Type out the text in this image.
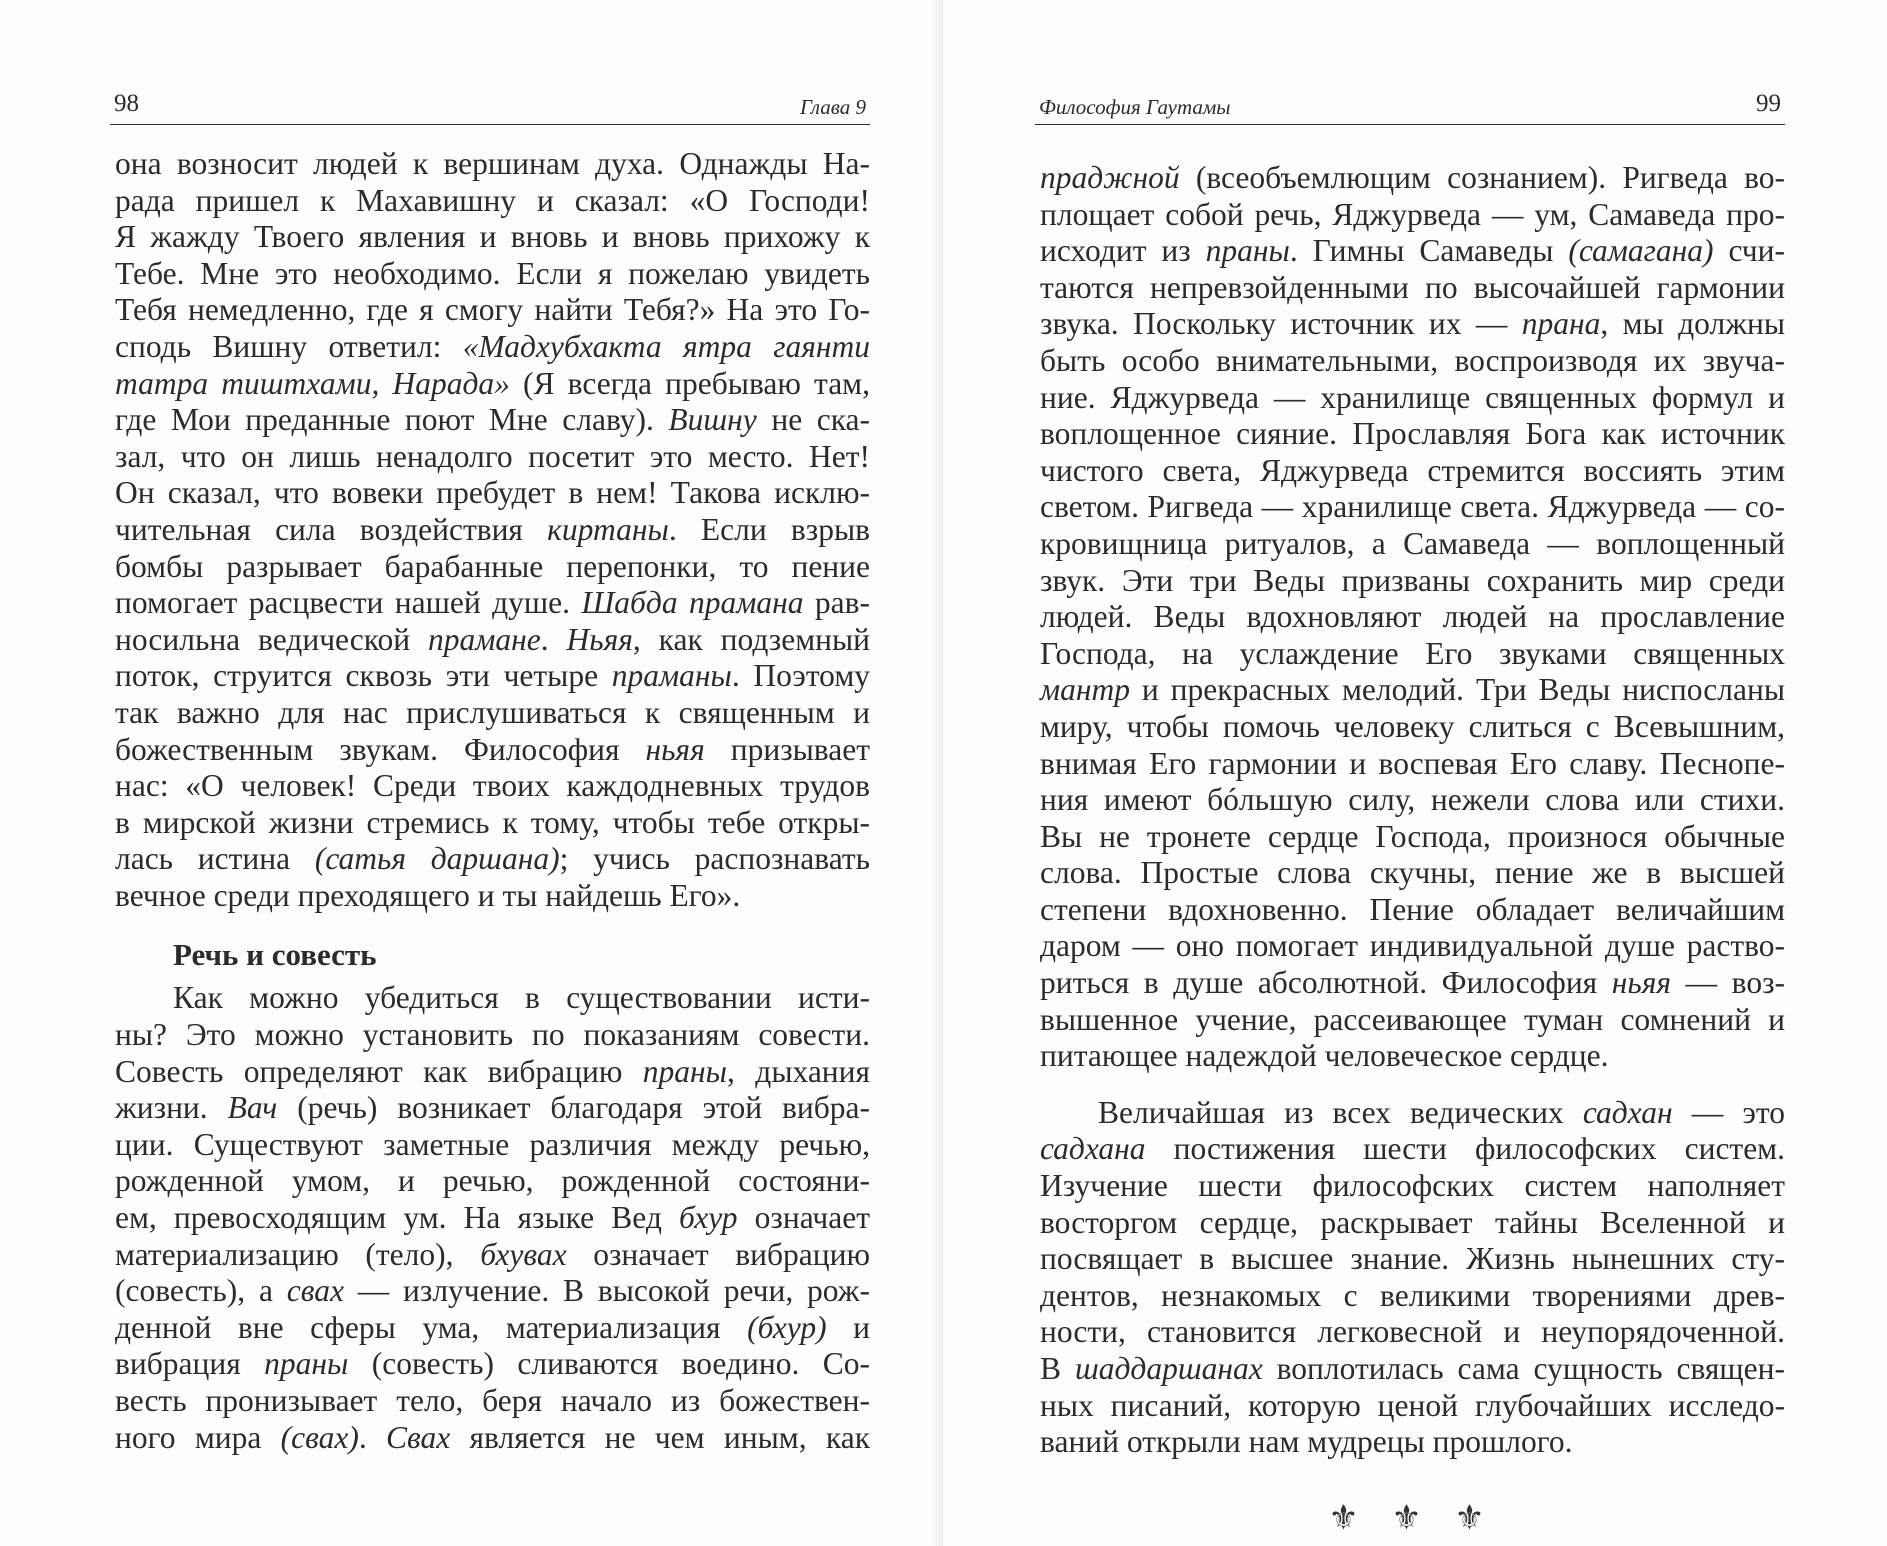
98	Глава 9
она возносит людей к вершинам духа. Однажды На-
рада пришел к Махавишну и сказал: «О Господи!
Я жажду Твоего явления и вновь и вновь прихожу к
Тебе. Мне это необходимо. Если я пожелаю увидеть
Тебя немедленно, где я смогу найти Тебя?» На это Го-
сподь Вишну ответил: «Мадхубхакта ятра гаянти
татра тиштхами, Нарада» (Я всегда пребываю там,
где Мои преданные поют Мне славу). Вишну не ска-
зал, что он лишь ненадолго посетит это место. Нет!
Он сказал, что вовеки пребудет в нем! Такова исклю-
чительная сила воздействия киртаны. Если взрыв
бомбы разрывает барабанные перепонки, то пение
помогает расцвести нашей душе. Шабда прамана рав-
носильна ведической прамане. Ньяя, как подземный
поток, струится сквозь эти четыре праманы. Поэтому
так важно для нас прислушиваться к священным и
божественным звукам. Философия ньяя призывает
нас: «О человек! Среди твоих каждодневных трудов
в мирской жизни стремись к тому, чтобы тебе откры-
лась истина (сатья даршана); учись распознавать
вечное среди преходящего и ты найдешь Его».
Речь и совесть
Как можно убедиться в существовании исти-
ны? Это можно установить по показаниям совести.
Совесть определяют как вибрацию праны, дыхания
жизни. Вач (речь) возникает благодаря этой вибра-
ции. Существуют заметные различия между речью,
рожденной умом, и речью, рожденной состояни-
ем, превосходящим ум. На языке Вед бхур означает
материализацию (тело), бхувах означает вибрацию
(совесть), а свах — излучение. В высокой речи, рож-
денной вне сферы ума, материализация (бхур) и
вибрация праны (совесть) сливаются воедино. Со-
весть пронизывает тело, беря начало из божествен-
ного мира (свах). Свах является не чем иным, как
Философия Гаутамы	99
праджной (всеобъемлющим сознанием). Ригведа во-
площает собой речь, Яджурведа — ум, Самаведа про-
исходит из праны. Гимны Самаведы (самагана) счи-
таются непревзойденными по высочайшей гармонии
звука. Поскольку источник их — прана, мы должны
быть особо внимательными, воспроизводя их звуча-
ние. Яджурведа — хранилище священных формул и
воплощенное сияние. Прославляя Бога как источник
чистого света, Яджурведа стремится воссиять этим
светом. Ригведа — хранилище света. Яджурведа — со-
кровищница ритуалов, а Самаведа — воплощенный
звук. Эти три Веды призваны сохранить мир среди
людей. Веды вдохновляют людей на прославление
Господа, на услаждение Его звуками священных
мантр и прекрасных мелодий. Три Веды ниспосланы
миру, чтобы помочь человеку слиться с Всевышним,
внимая Его гармонии и воспевая Его славу. Песнопе-
ния имеют бóльшую силу, нежели слова или стихи.
Вы не тронете сердце Господа, произнося обычные
слова. Простые слова скучны, пение же в высшей
степени вдохновенно. Пение обладает величайшим
даром — оно помогает индивидуальной душе раство-
риться в душе абсолютной. Философия ньяя — воз-
вышенное учение, рассеивающее туман сомнений и
питающее надеждой человеческое сердце.
Величайшая из всех ведических садхан — это
садхана постижения шести философских систем.
Изучение шести философских систем наполняет
восторгом сердце, раскрывает тайны Вселенной и
посвящает в высшее знание. Жизнь нынешних сту-
дентов, незнакомых с великими творениями древ-
ности, становится легковесной и неупорядоченной.
В шаддаршанах воплотилась сама сущность священ-
ных писаний, которую ценой глубочайших исследо-
ваний открыли нам мудрецы прошлого.
⚜ ⚜ ⚜
